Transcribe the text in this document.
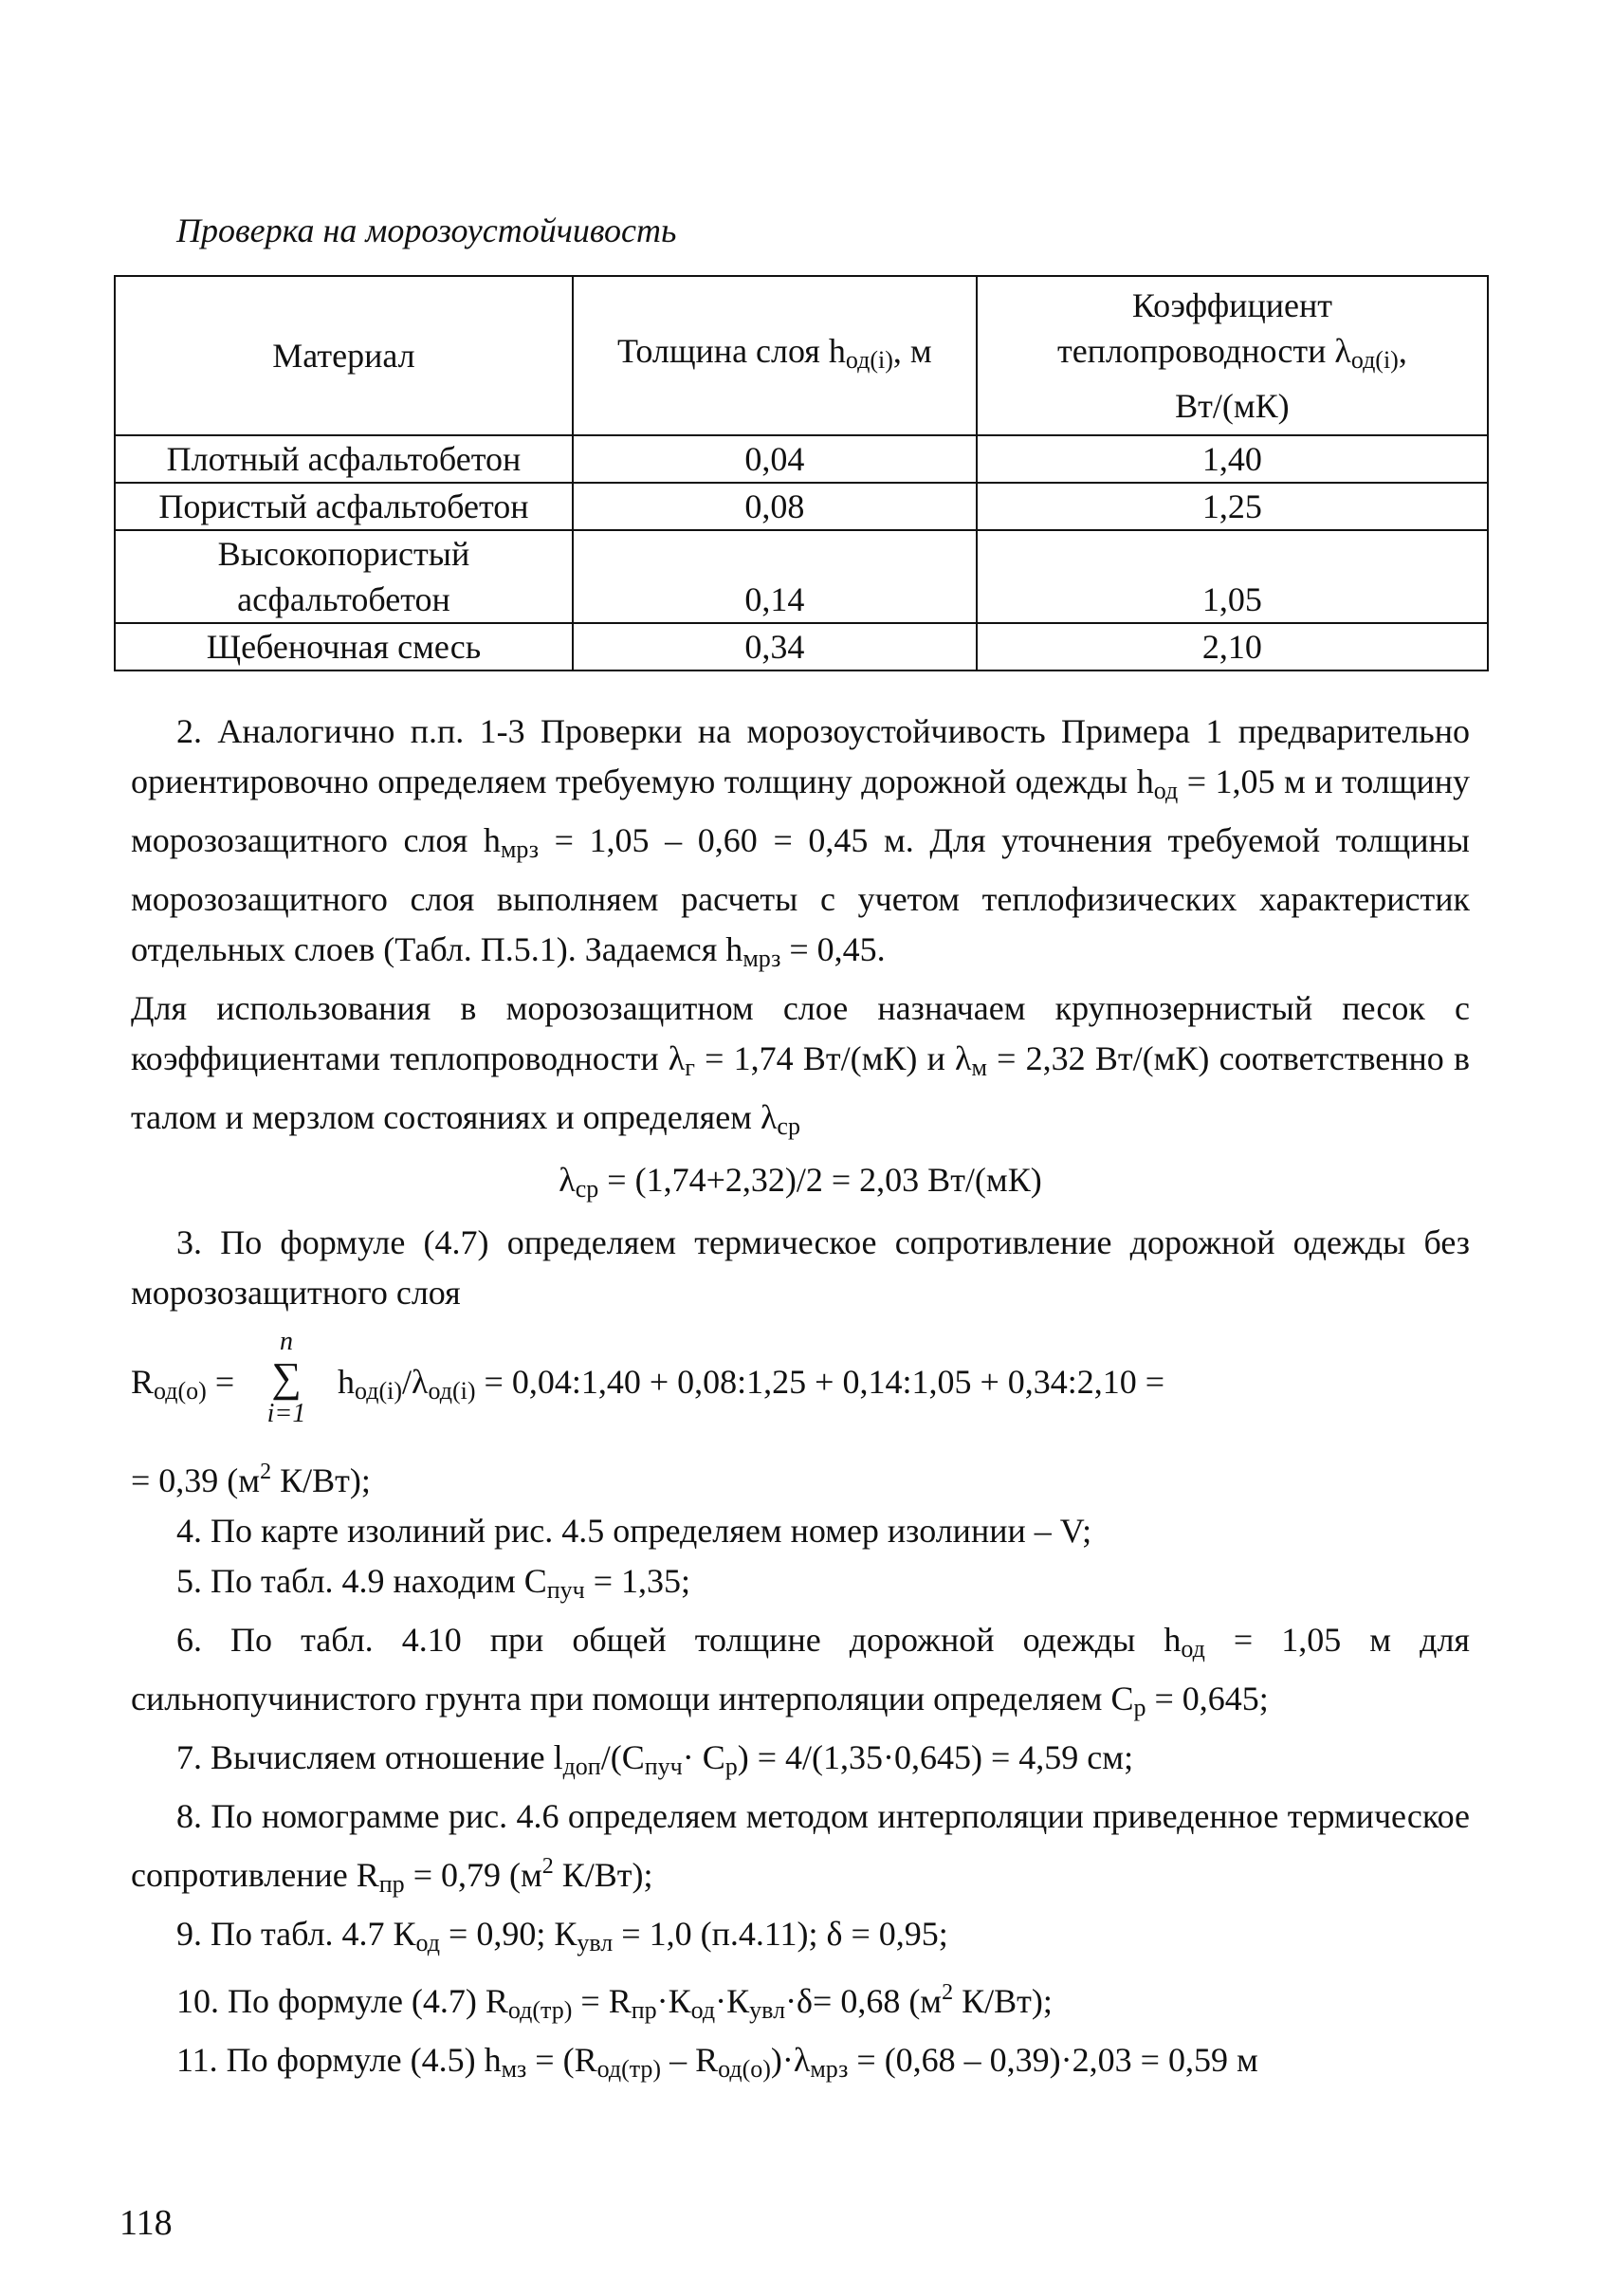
Проверка на морозоустойчивость
Материал	Толщина слоя $h_{од(i)}$, м	Коэффициент
теплопроводности $\lambda_{од(i)}$,
Вт/(мК)
Плотный асфальтобетон	0,04	1,40
Пористый асфальтобетон	0,08	1,25
Высокопористый
асфальтобетон	0,14	1,05
Щебеночная смесь	0,34	2,10

2. Аналогично п.п. 1-3 Проверки на морозоустойчивость Примера 1 предварительно ориентировочно определяем требуемую толщину дорожной одежды $h_{од} = 1,05$ м и толщину морозозащитного слоя $h_{мрз} = 1,05 - 0,60 = 0,45$ м. Для уточнения требуемой толщины морозозащитного слоя выполняем расчеты с учетом теплофизических характеристик отдельных слоев (Табл. П.5.1). Задаемся $h_{мрз} = 0,45$.

Для использования в морозозащитном слое назначаем крупнозернистый песок с коэффициентами теплопроводности $\lambda_г = 1,74$ Вт/(мК) и $\lambda_м = 2,32$ Вт/(мК) соответственно в талом и мерзлом состояниях и определяем $\lambda_{ср}$

$\lambda_{ср} = (1,74+2,32)/2 = 2,03$ Вт/(мК)

3. По формуле (4.7) определяем термическое сопротивление дорожной одежды без морозозащитного слоя

$R_{од(о)}$ =
n
∑
i=1
$h_{од(i)}/\lambda_{од(i)}$ = 0,04:1,40 + 0,08:1,25 + 0,14:1,05 + 0,34:2,10 =

= 0,39 ($м^2$ К/Вт);

4. По карте изолиний рис. 4.5 определяем номер изолинии – V;

5. По табл. 4.9 находим $С_{пуч} = 1,35$;

6. По табл. 4.10 при общей толщине дорожной одежды $h_{од} = 1,05$ м для сильнопучинистого грунта при помощи интерполяции определяем $С_р = 0,645$;

7. Вычисляем отношение $l_{доп}/(С_{пуч}\cdot С_р) = 4/(1,35\cdot 0,645) = 4,59$ см;

8. По номограмме рис. 4.6 определяем методом интерполяции приведенное термическое сопротивление $R_{пр} = 0,79$ ($м^2$ К/Вт);

9. По табл. 4.7 $К_{од} = 0,90$; $К_{увл} = 1,0$ (п.4.11); δ = 0,95;

10. По формуле (4.7) $R_{од(тр)} = R_{пр}\cdot К_{од}\cdot К_{увл}\cdot\delta= 0,68$ ($м^2$ К/Вт);

11. По формуле (4.5) $h_{мз} = (R_{од(тр)} - R_{од(о)})\cdot\lambda_{мрз} = (0,68 - 0,39)\cdot 2,03 = 0,59$ м

118
